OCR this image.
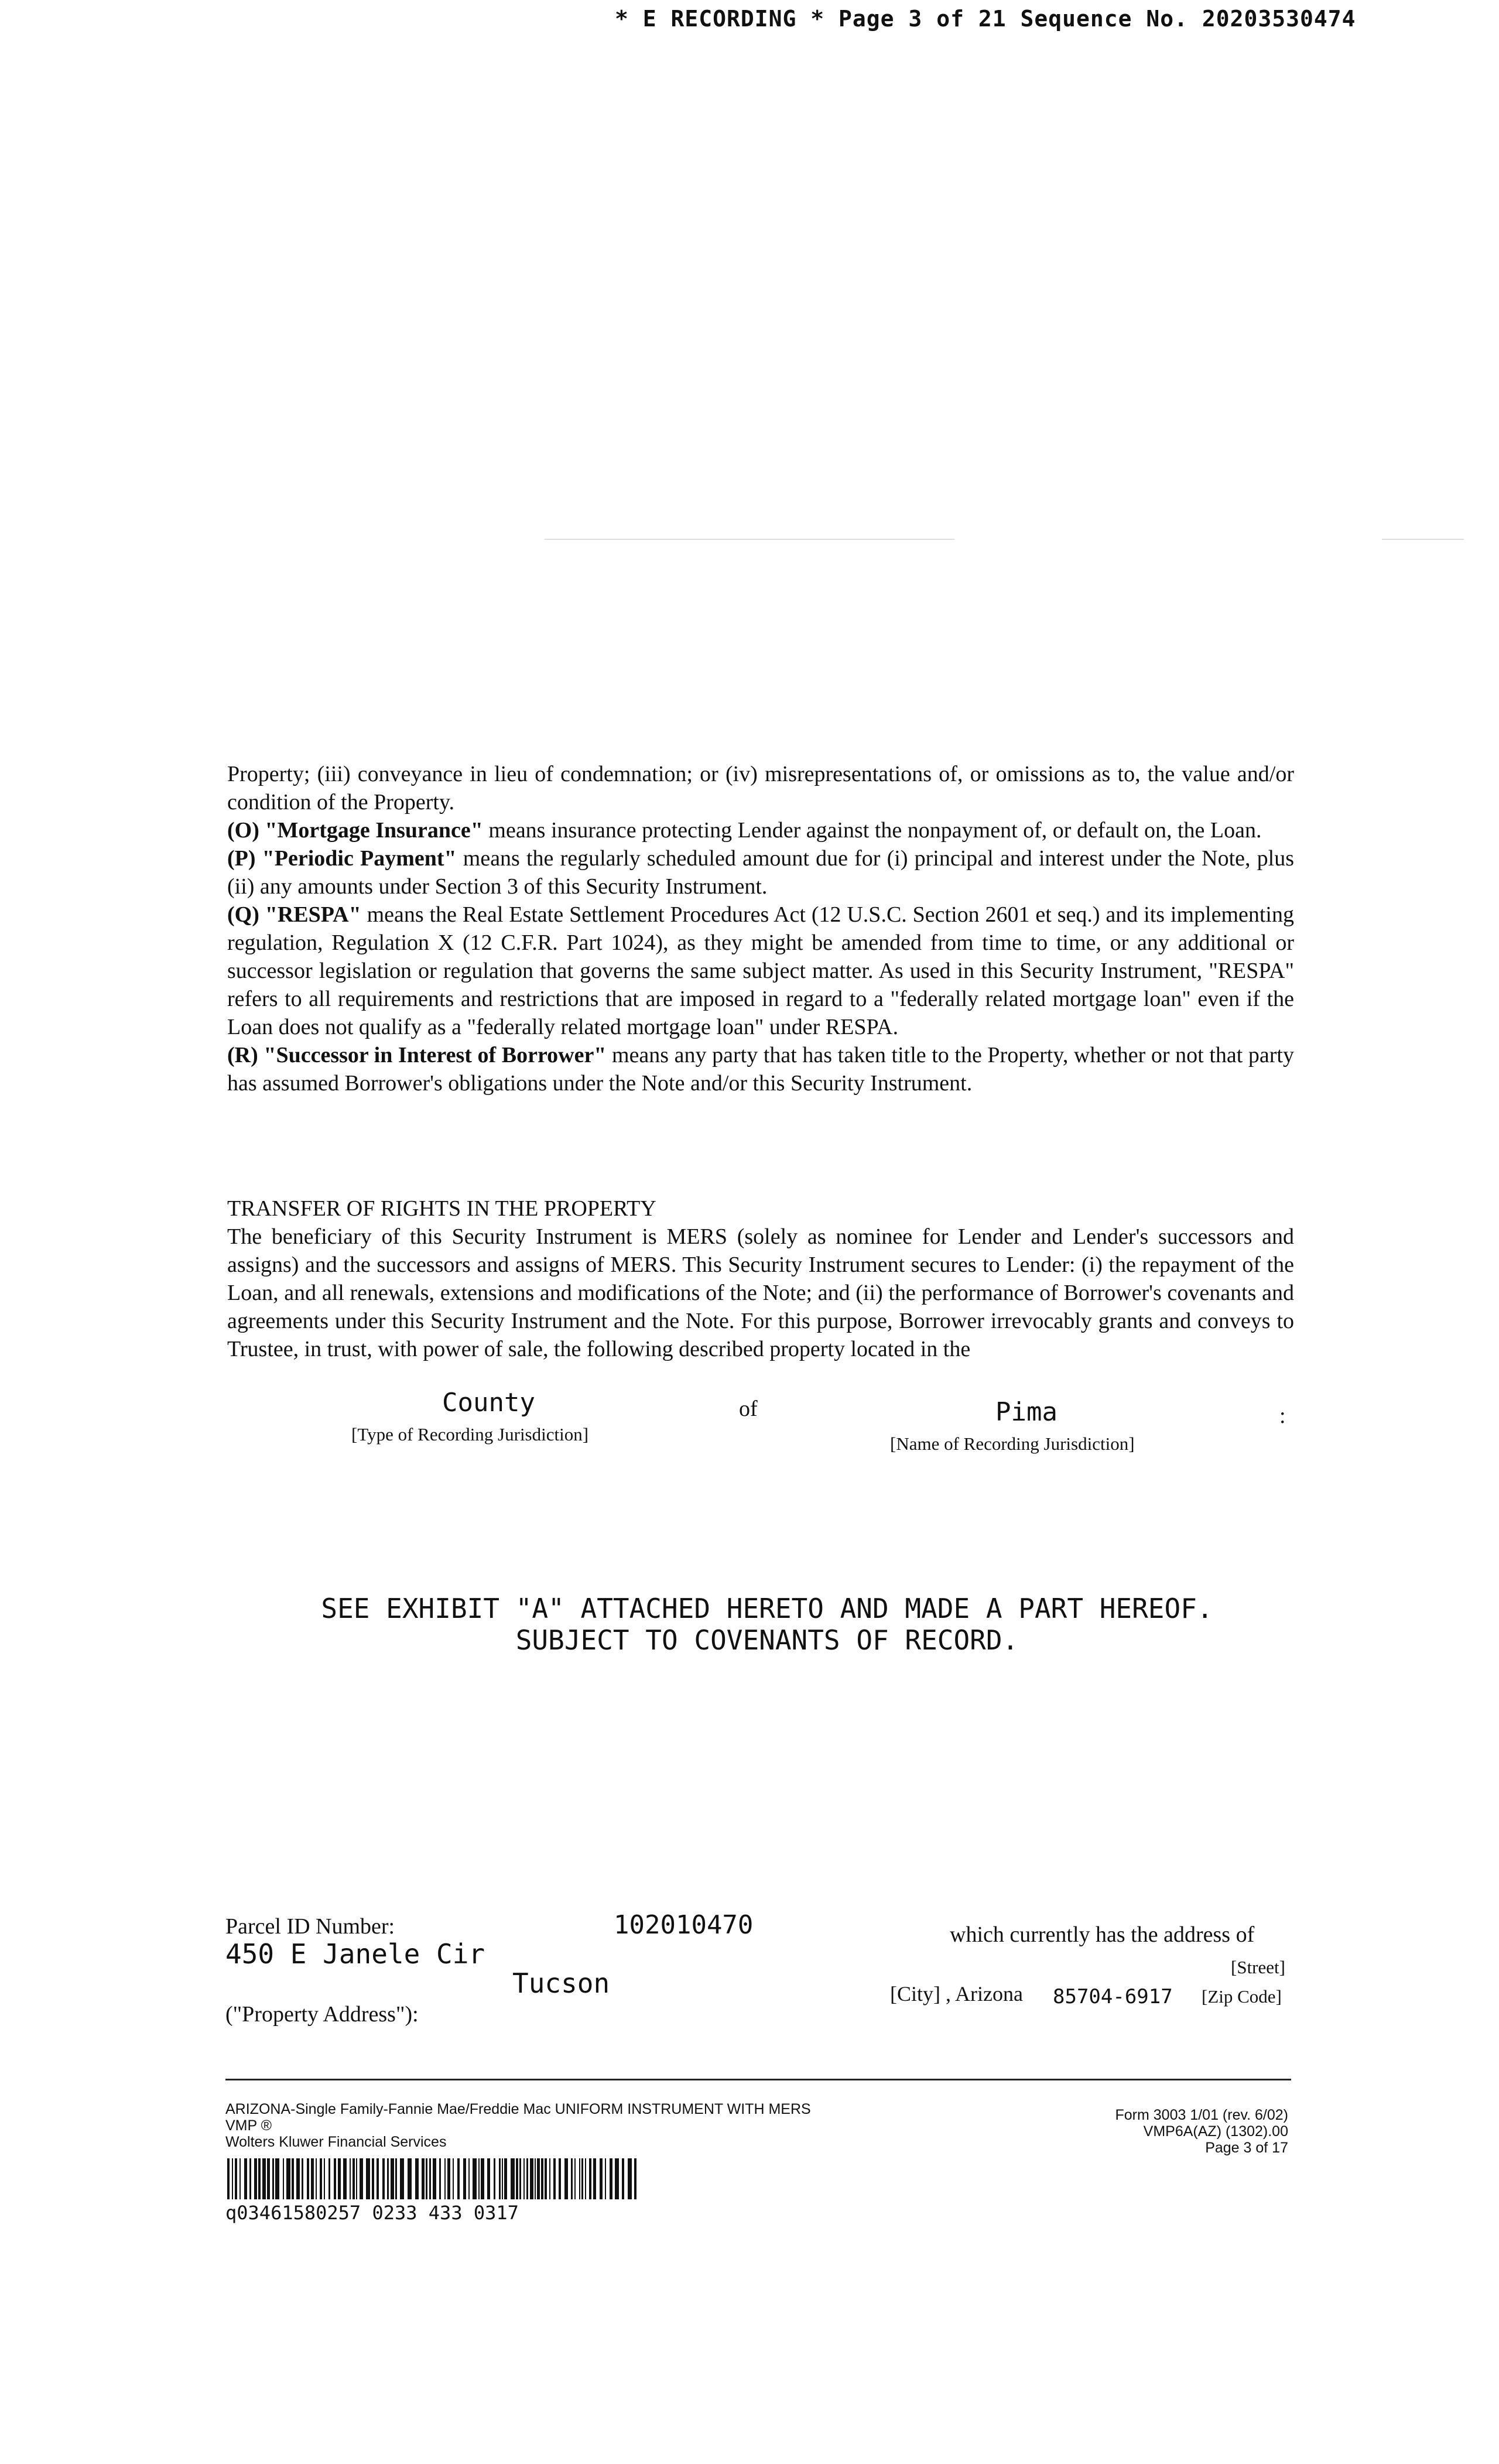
* E RECORDING * Page 3 of 21 Sequence No. 20203530474

Property; (iii) conveyance in lieu of condemnation; or (iv) misrepresentations of, or omissions as to, the value and/or condition of the Property.

(O) "Mortgage Insurance" means insurance protecting Lender against the nonpayment of, or default on, the Loan.

(P) "Periodic Payment" means the regularly scheduled amount due for (i) principal and interest under the Note, plus (ii) any amounts under Section 3 of this Security Instrument.

(Q) "RESPA" means the Real Estate Settlement Procedures Act (12 U.S.C. Section 2601 et seq.) and its implementing regulation, Regulation X (12 C.F.R. Part 1024), as they might be amended from time to time, or any additional or successor legislation or regulation that governs the same subject matter. As used in this Security Instrument, "RESPA" refers to all requirements and restrictions that are imposed in regard to a "federally related mortgage loan" even if the Loan does not qualify as a "federally related mortgage loan" under RESPA.

(R) "Successor in Interest of Borrower" means any party that has taken title to the Property, whether or not that party has assumed Borrower's obligations under the Note and/or this Security Instrument.

TRANSFER OF RIGHTS IN THE PROPERTY

The beneficiary of this Security Instrument is MERS (solely as nominee for Lender and Lender's successors and assigns) and the successors and assigns of MERS. This Security Instrument secures to Lender: (i) the repayment of the Loan, and all renewals, extensions and modifications of the Note; and (ii) the performance of Borrower's covenants and agreements under this Security Instrument and the Note. For this purpose, Borrower irrevocably grants and conveys to Trustee, in trust, with power of sale, the following described property located in the

County	of	Pima	:
[Type of Recording Jurisdiction]	[Name of Recording Jurisdiction]
SEE EXHIBIT "A" ATTACHED HERETO AND MADE A PART HEREOF.
SUBJECT TO COVENANTS OF RECORD.
Parcel ID Number:	102010470	which currently has the address of
450 E Janele Cir	[Street]
Tucson	[City] , Arizona 85704-6917 [Zip Code]
("Property Address"):
ARIZONA-Single Family-Fannie Mae/Freddie Mac UNIFORM INSTRUMENT WITH MERS
VMP ®
Wolters Kluwer Financial Services
Form 3003 1/01 (rev. 6/02)
VMP6A(AZ) (1302).00
Page 3 of 17
q03461580257 0233 433 0317
